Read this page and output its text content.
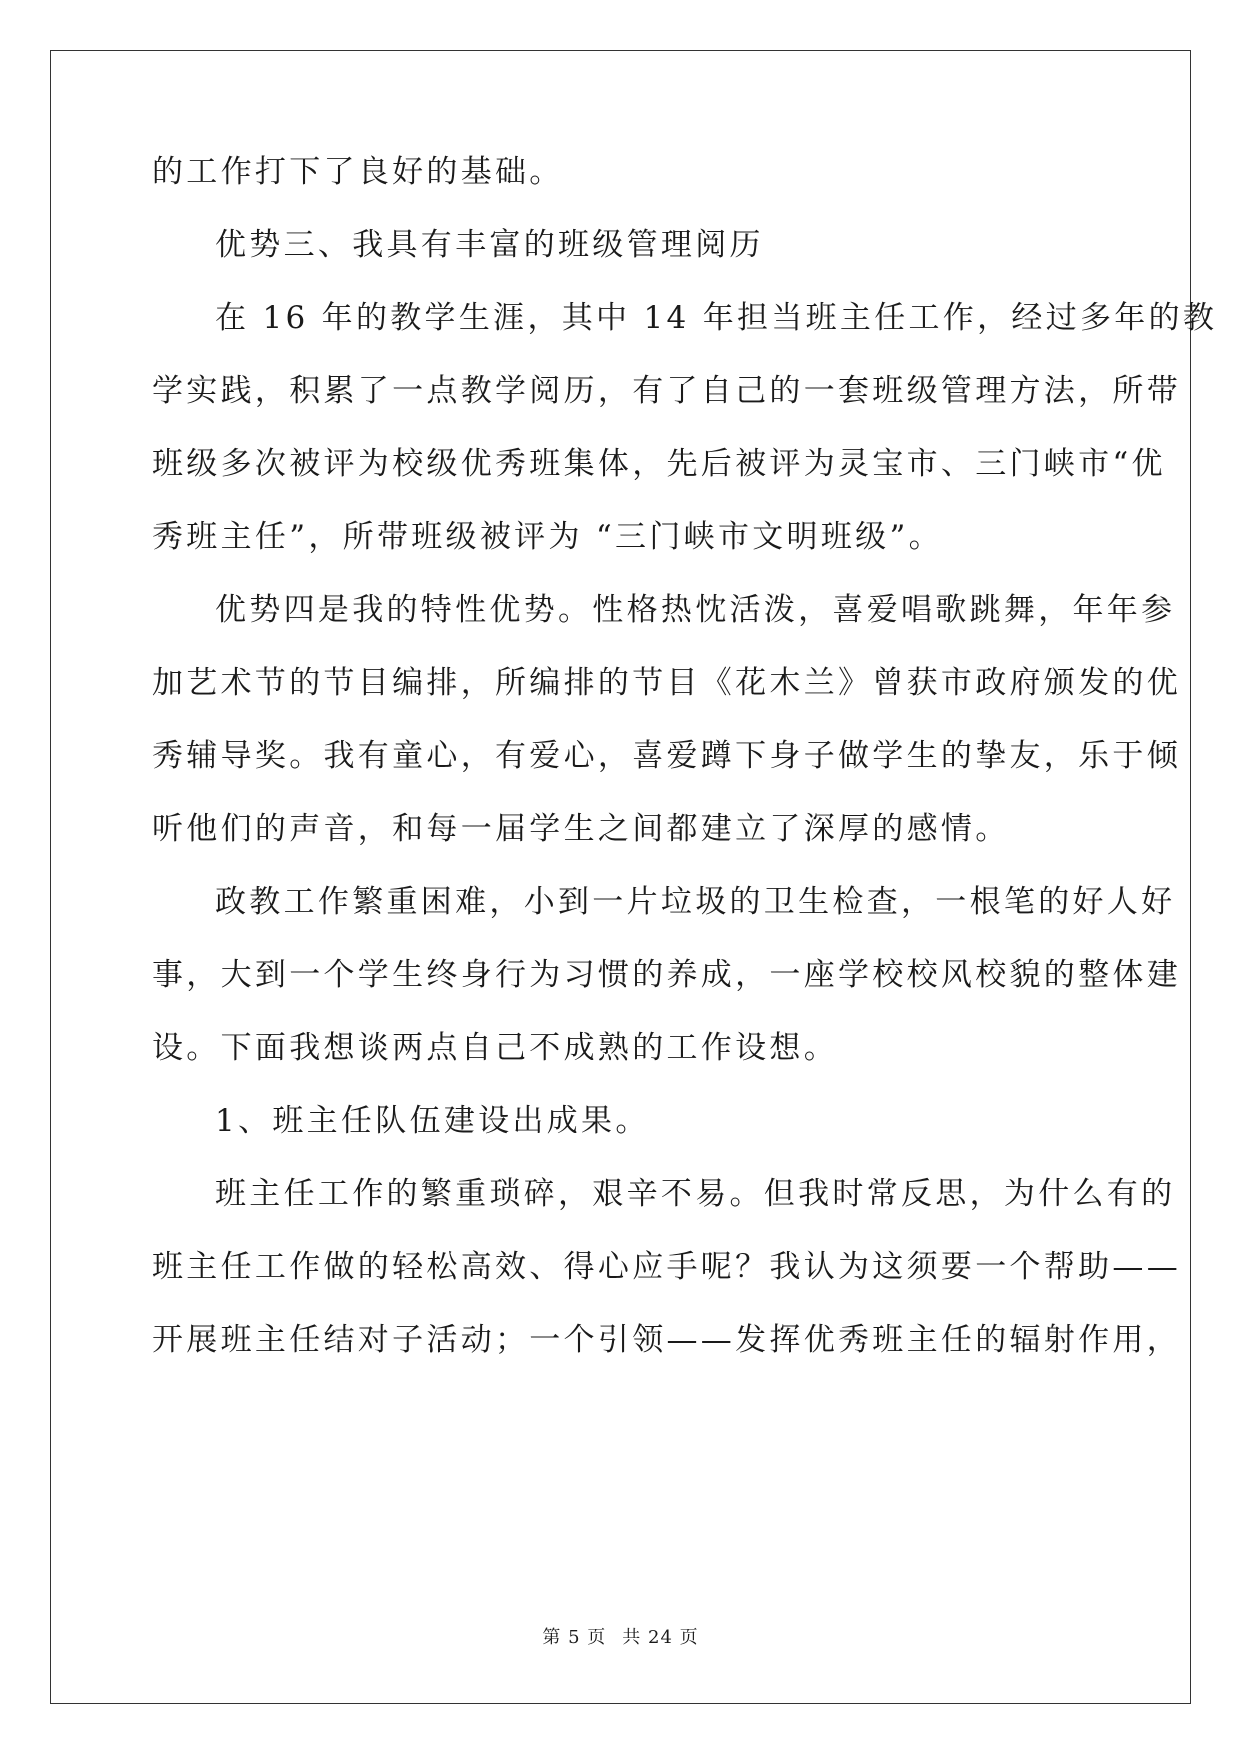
的工作打下了良好的基础。
优势三、我具有丰富的班级管理阅历
在 16 年的教学生涯，其中 14 年担当班主任工作，经过多年的教
学实践，积累了一点教学阅历，有了自己的一套班级管理方法，所带
班级多次被评为校级优秀班集体，先后被评为灵宝市、三门峡市“优
秀班主任”，所带班级被评为 “三门峡市文明班级”。
优势四是我的特性优势。性格热忱活泼，喜爱唱歌跳舞，年年参
加艺术节的节目编排，所编排的节目《花木兰》曾获市政府颁发的优
秀辅导奖。我有童心，有爱心，喜爱蹲下身子做学生的挚友，乐于倾
听他们的声音，和每一届学生之间都建立了深厚的感情。
政教工作繁重困难，小到一片垃圾的卫生检查，一根笔的好人好
事，大到一个学生终身行为习惯的养成，一座学校校风校貌的整体建
设。下面我想谈两点自己不成熟的工作设想。
1、班主任队伍建设出成果。
班主任工作的繁重琐碎，艰辛不易。但我时常反思，为什么有的
班主任工作做的轻松高效、得心应手呢？我认为这须要一个帮助——
开展班主任结对子活动；一个引领——发挥优秀班主任的辐射作用，
第 5 页 共 24 页
